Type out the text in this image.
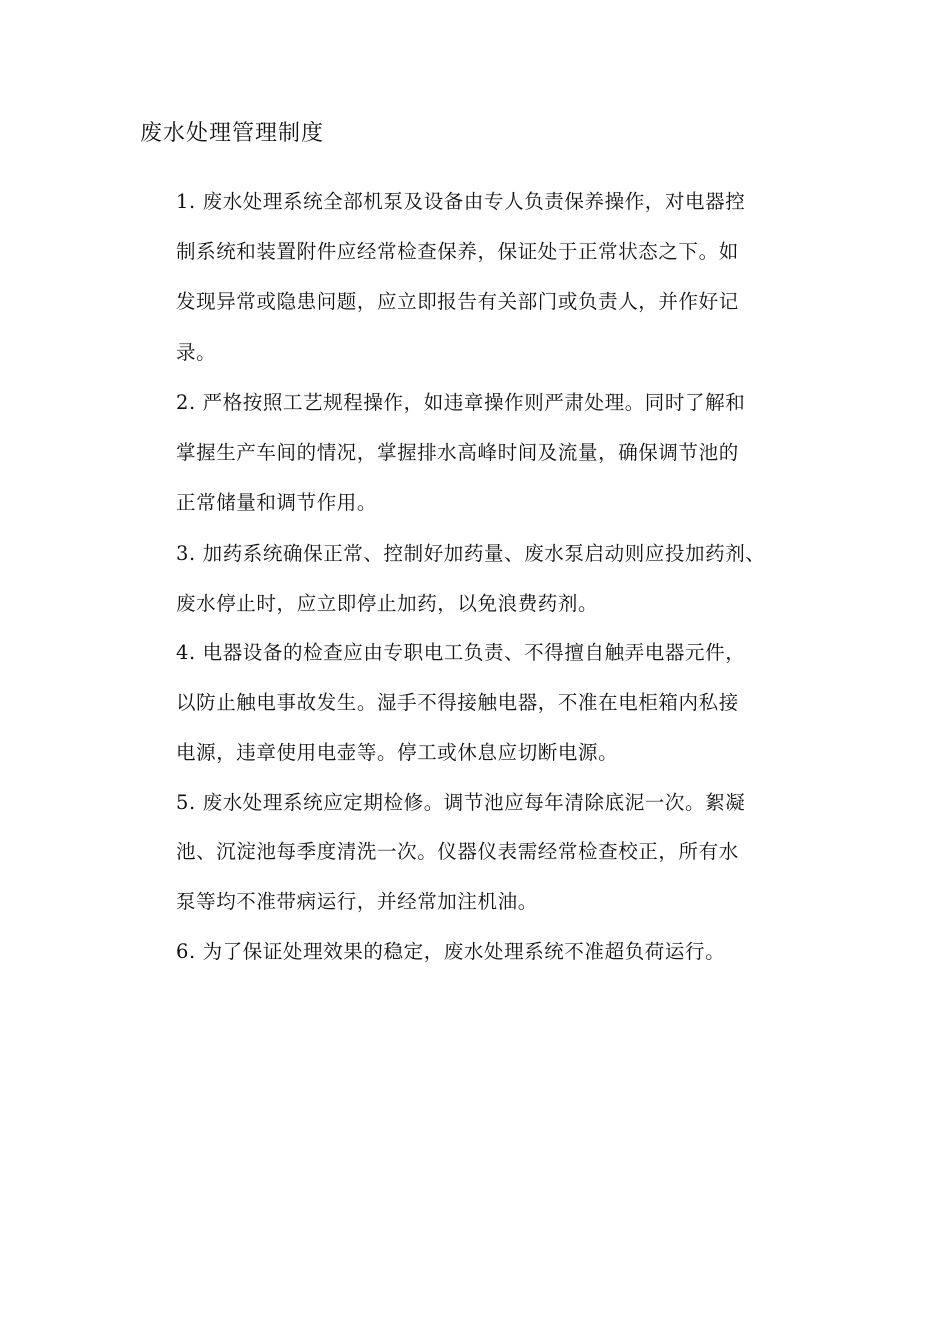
废水处理管理制度
1. 废水处理系统全部机泵及设备由专人负责保养操作，对电器控
制系统和装置附件应经常检查保养，保证处于正常状态之下。如
发现异常或隐患问题，应立即报告有关部门或负责人，并作好记
录。
2. 严格按照工艺规程操作，如违章操作则严肃处理。同时了解和
掌握生产车间的情况，掌握排水高峰时间及流量，确保调节池的
正常储量和调节作用。
3. 加药系统确保正常、控制好加药量、废水泵启动则应投加药剂、
废水停止时，应立即停止加药，以免浪费药剂。
4. 电器设备的检查应由专职电工负责、不得擅自触弄电器元件，
以防止触电事故发生。湿手不得接触电器，不准在电柜箱内私接
电源，违章使用电壶等。停工或休息应切断电源。
5. 废水处理系统应定期检修。调节池应每年清除底泥一次。絮凝
池、沉淀池每季度清洗一次。仪器仪表需经常检查校正，所有水
泵等均不准带病运行，并经常加注机油。
6. 为了保证处理效果的稳定，废水处理系统不准超负荷运行。
